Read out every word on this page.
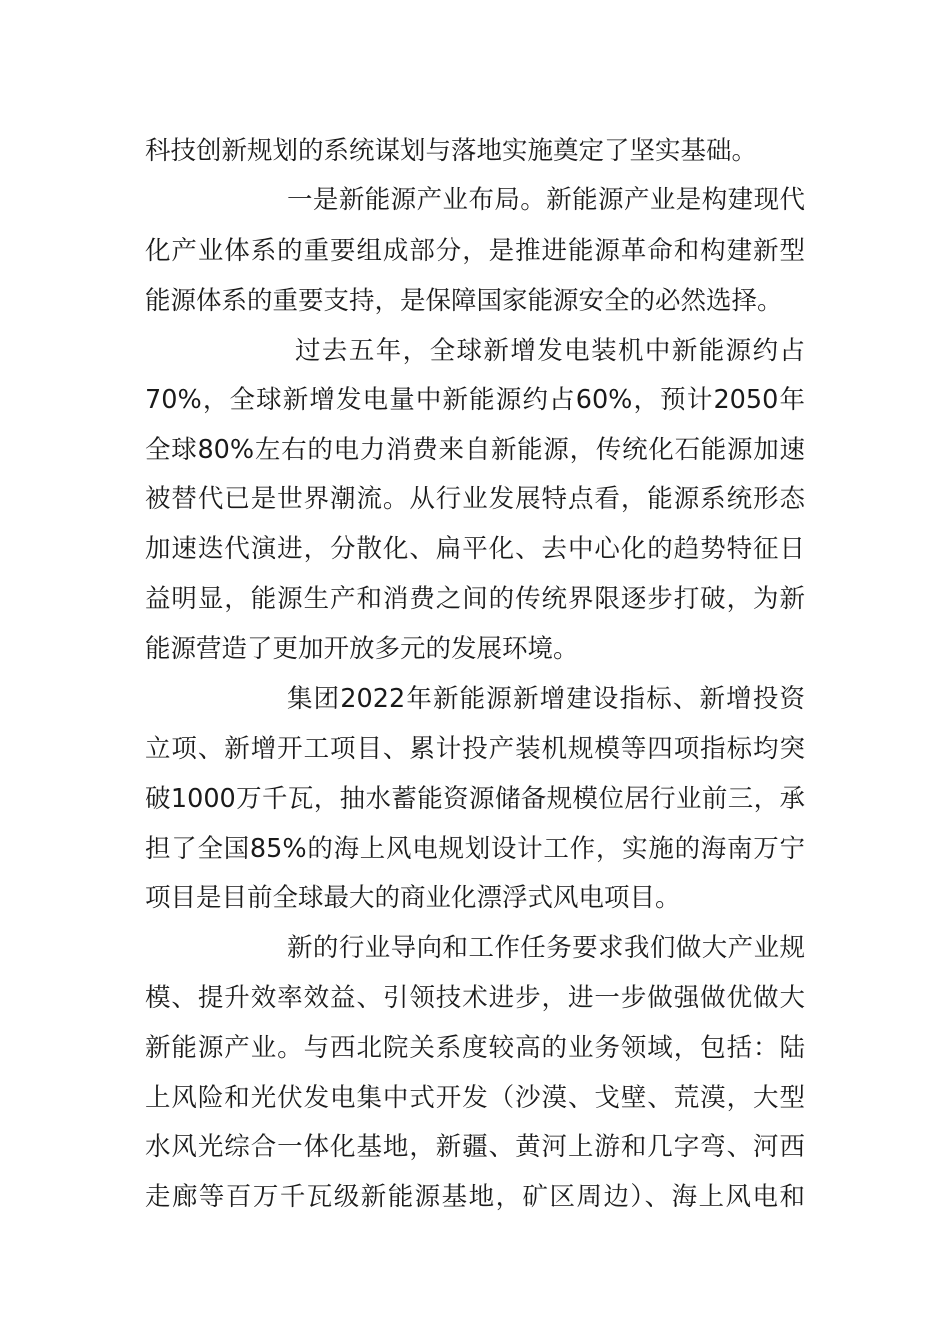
科技创新规划的系统谋划与落地实施奠定了坚实基础。
一是新能源产业布局。新能源产业是构建现代
化产业体系的重要组成部分，是推进能源革命和构建新型
能源体系的重要支持，是保障国家能源安全的必然选择。
过去五年，全球新增发电装机中新能源约占
70%，全球新增发电量中新能源约占60%，预计2050年
全球80%左右的电力消费来自新能源，传统化石能源加速
被替代已是世界潮流。从行业发展特点看，能源系统形态
加速迭代演进，分散化、扁平化、去中心化的趋势特征日
益明显，能源生产和消费之间的传统界限逐步打破，为新
能源营造了更加开放多元的发展环境。
集团2022年新能源新增建设指标、新增投资
立项、新增开工项目、累计投产装机规模等四项指标均突
破1000万千瓦，抽水蓄能资源储备规模位居行业前三，承
担了全国85%的海上风电规划设计工作，实施的海南万宁
项目是目前全球最大的商业化漂浮式风电项目。
新的行业导向和工作任务要求我们做大产业规
模、提升效率效益、引领技术进步，进一步做强做优做大
新能源产业。与西北院关系度较高的业务领域，包括：陆
上风险和光伏发电集中式开发（沙漠、戈壁、荒漠，大型
水风光综合一体化基地，新疆、黄河上游和几字弯、河西
走廊等百万千瓦级新能源基地，矿区周边）、海上风电和
